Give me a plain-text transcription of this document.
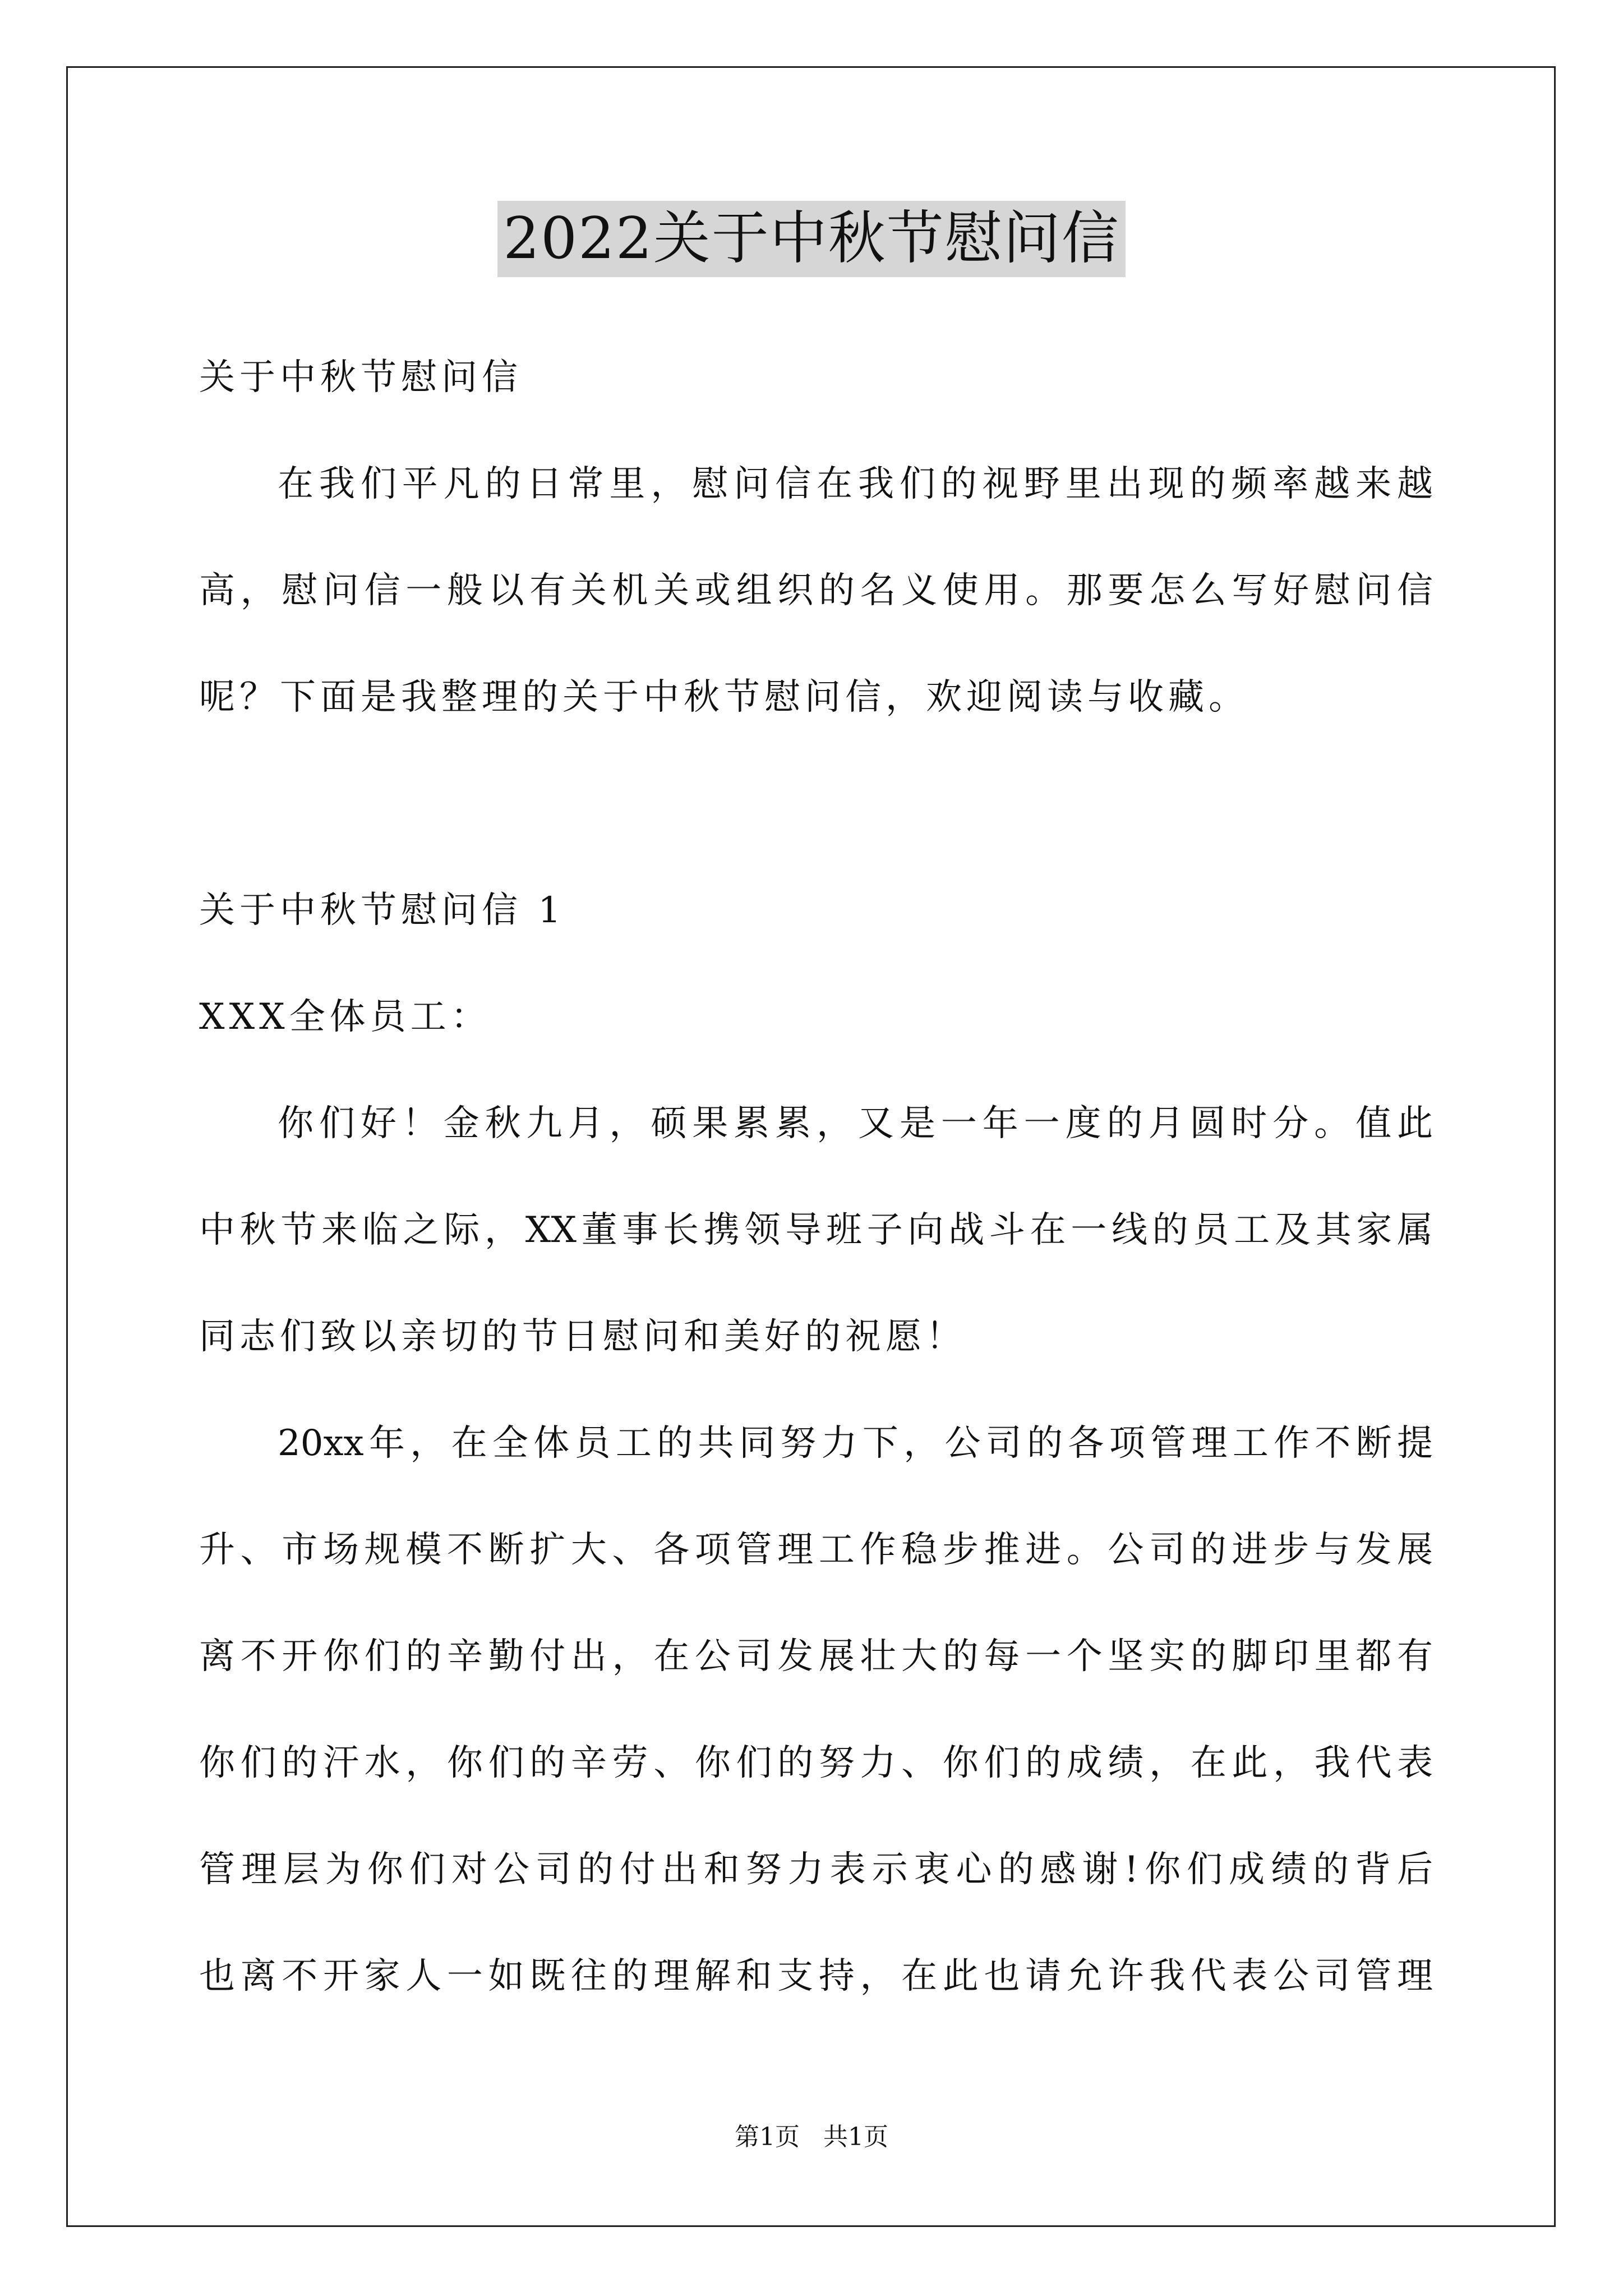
2022关于中秋节慰问信
关于中秋节慰问信
在我们平凡的日常里，慰问信在我们的视野里出现的频率越来越
高，慰问信一般以有关机关或组织的名义使用。那要怎么写好慰问信
呢？下面是我整理的关于中秋节慰问信，欢迎阅读与收藏。
关于中秋节慰问信 1
XXX全体员工：
你们好！金秋九月，硕果累累，又是一年一度的月圆时分。值此
中秋节来临之际，XX董事长携领导班子向战斗在一线的员工及其家属
同志们致以亲切的节日慰问和美好的祝愿！
20xx年，在全体员工的共同努力下，公司的各项管理工作不断提
升、市场规模不断扩大、各项管理工作稳步推进。公司的进步与发展
离不开你们的辛勤付出，在公司发展壮大的每一个坚实的脚印里都有
你们的汗水，你们的辛劳、你们的努力、你们的成绩，在此，我代表
管理层为你们对公司的付出和努力表示衷心的感谢!你们成绩的背后
也离不开家人一如既往的理解和支持，在此也请允许我代表公司管理
第1页   共1页
